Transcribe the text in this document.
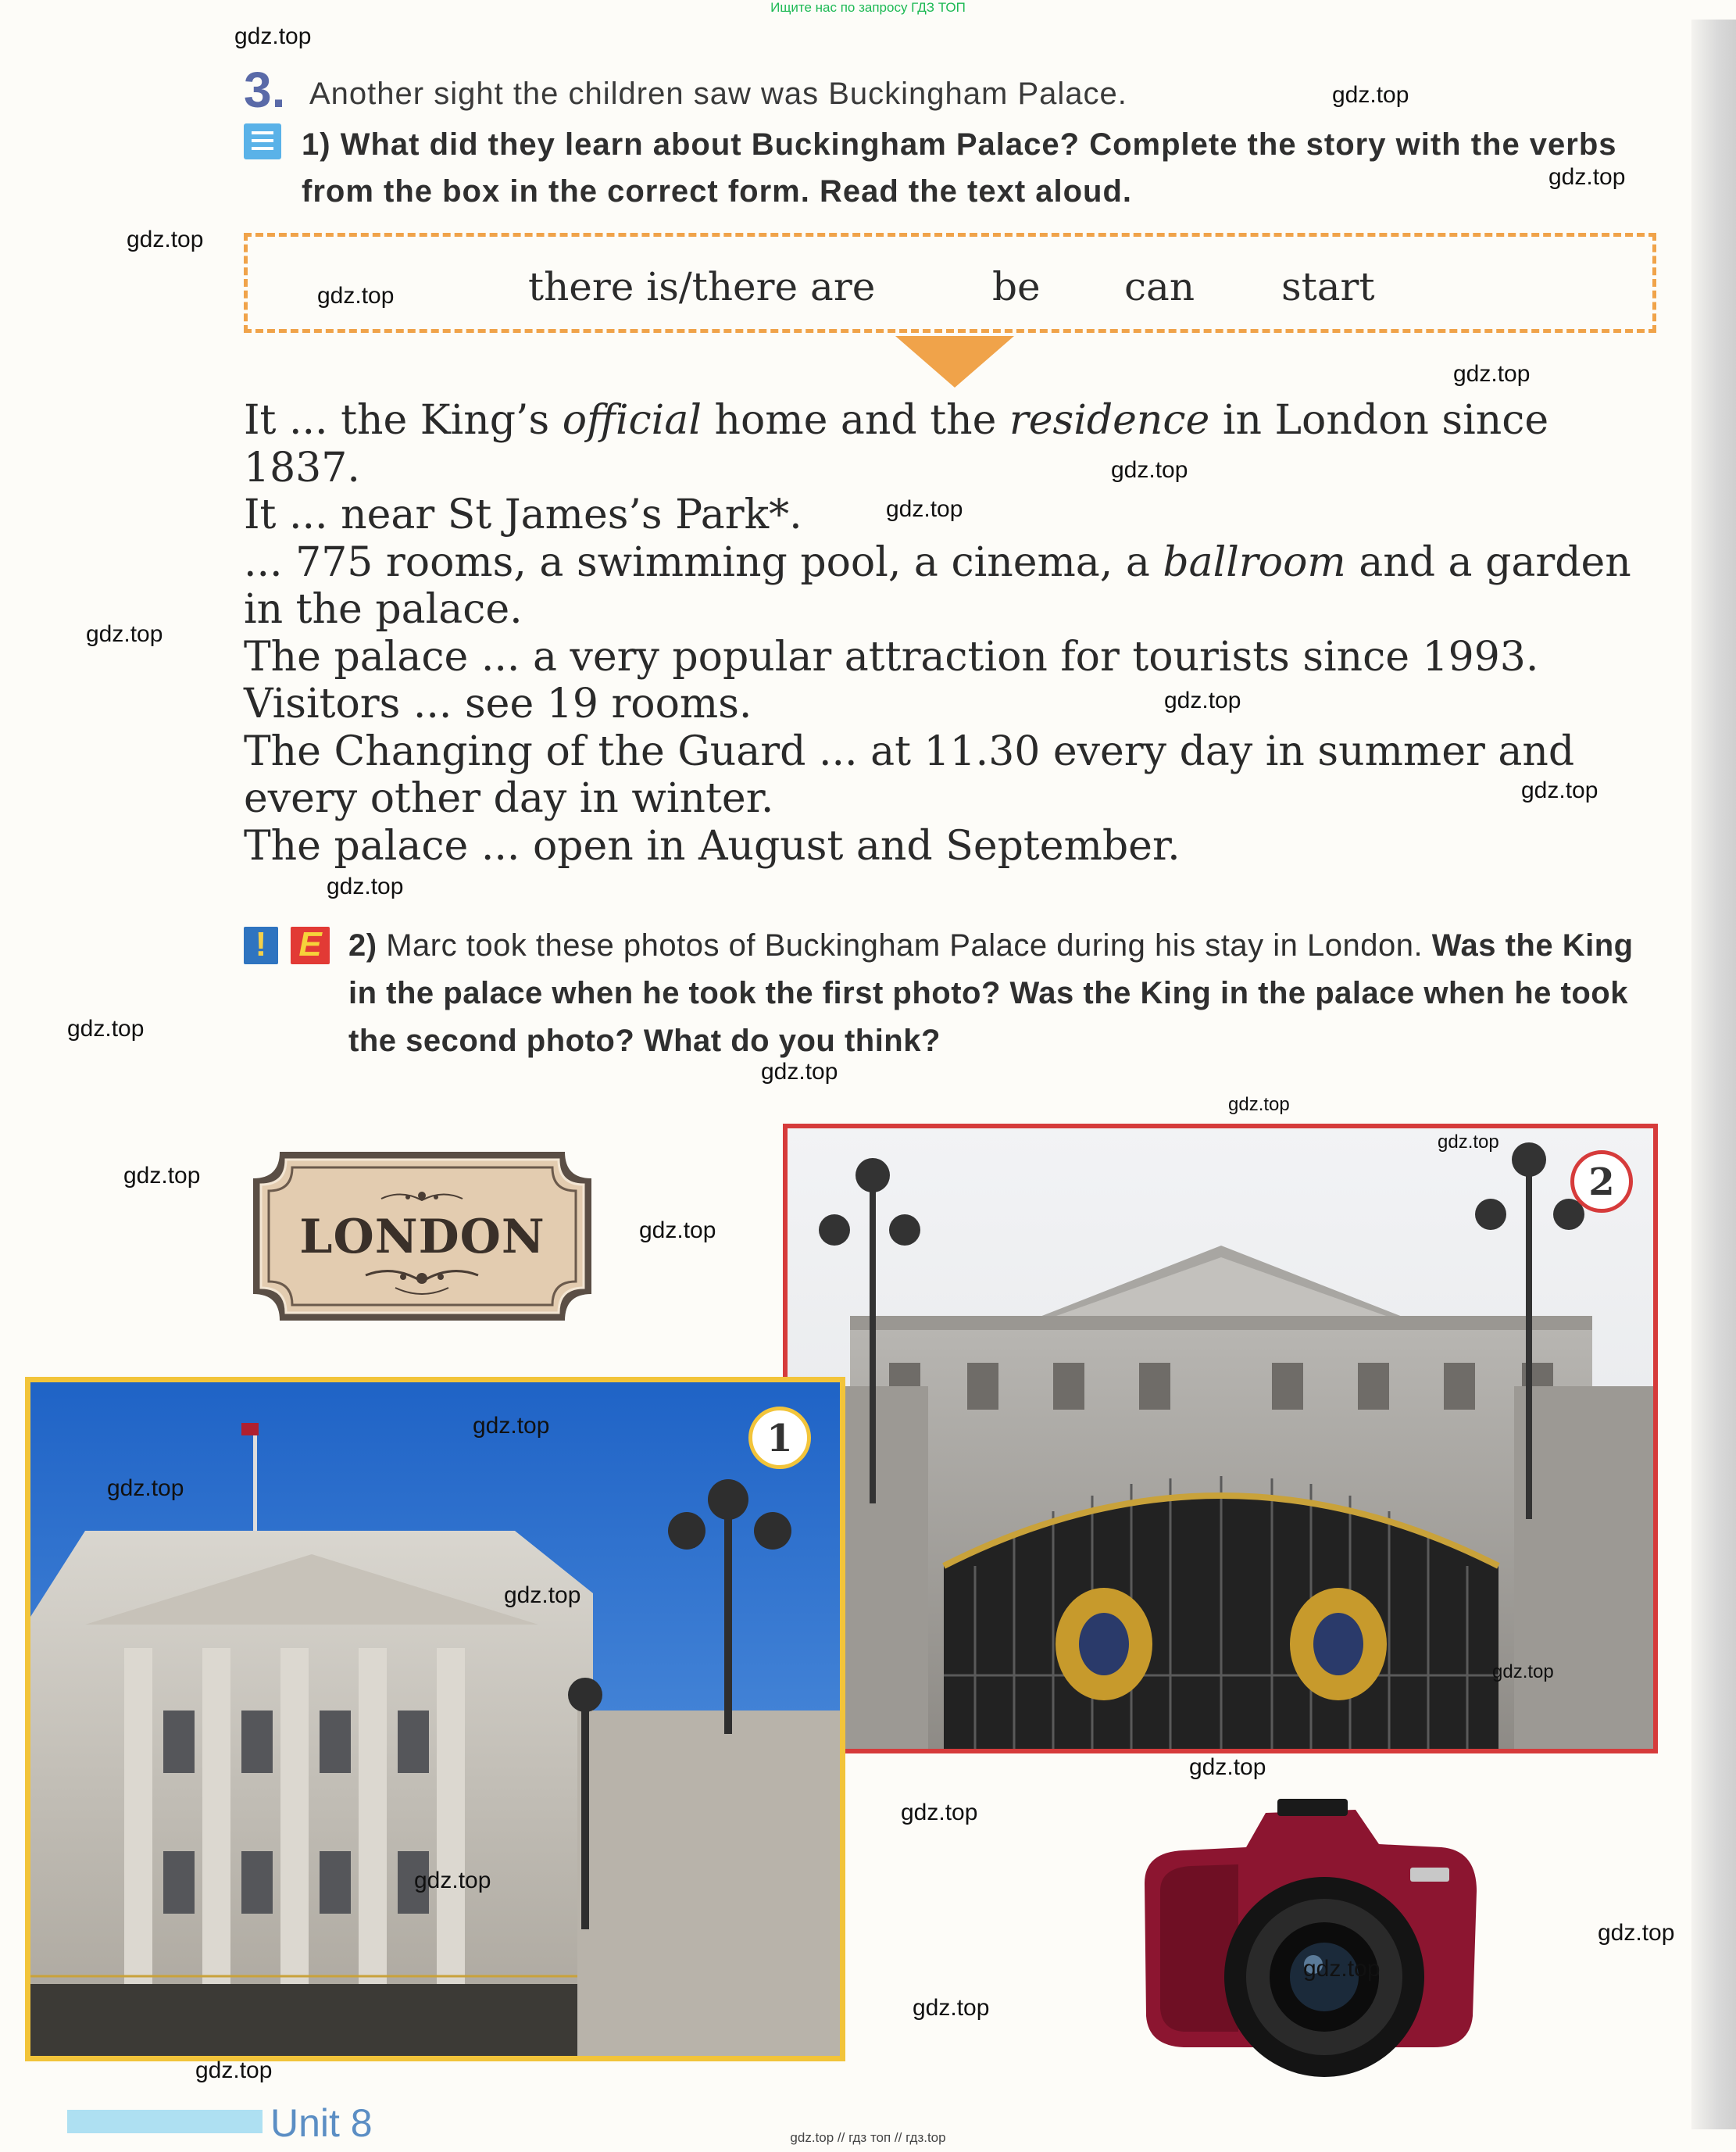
Ищите нас по запросу ГДЗ ТОП
3. Another sight the children saw was Buckingham Palace.
1) What did they learn about Buckingham Palace? Complete the story with the verbs from the box in the correct form. Read the text aloud.
there is/there are	be can start
It ... the King’s official home and the residence in London since
1837.
It ... near St James’s Park*.
... 775 rooms, a swimming pool, a cinema, a ballroom and a garden
in the palace.
The palace ... a very popular attraction for tourists since 1993.
Visitors ... see 19 rooms.
The Changing of the Guard ... at 11.30 every day in summer and
every other day in winter.
The palace ... open in August and September.
! E 2) Marc took these photos of Buckingham Palace during his stay in London. Was the King in the palace when he took the first photo? Was the King in the palace when he took the second photo? What do you think?
LONDON
2
1
Unit 8	gdz.top // гдз топ // гдз.top
gdz.top
gdz.top
gdz.top
gdz.top
gdz.top
gdz.top
gdz.top
gdz.top
gdz.top
gdz.top
gdz.top
gdz.top
gdz.top
gdz.top
gdz.top
gdz.top
gdz.top
gdz.top
gdz.top
gdz.top
gdz.top
gdz.top
gdz.top
gdz.top
gdz.top
gdz.top
gdz.top
gdz.top
gdz.top
